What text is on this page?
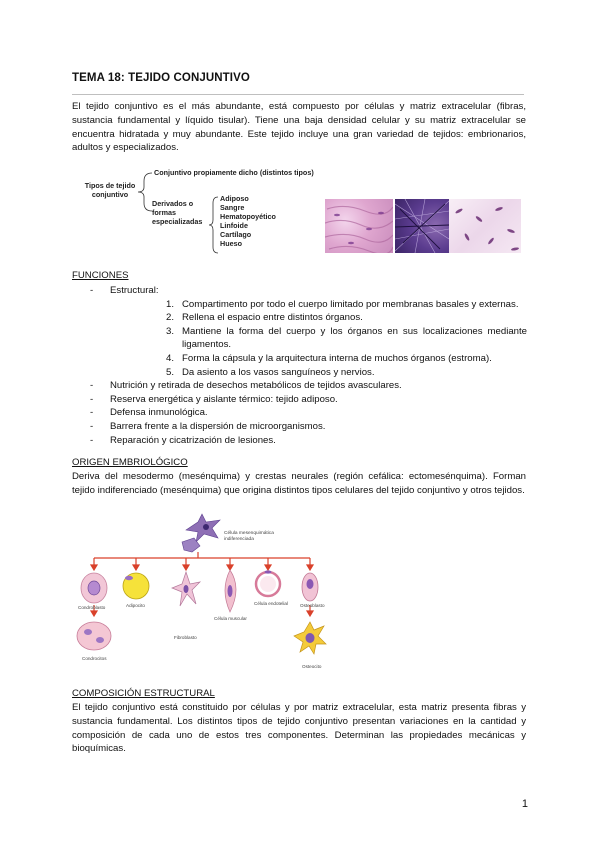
TEMA 18: TEJIDO CONJUNTIVO
El tejido conjuntivo es el más abundante, está compuesto por células y matriz extracelular (fibras, sustancia fundamental y líquido tisular). Tiene una baja densidad celular y su matriz extracelular se encuentra hidratada y muy abundante. Este tejido incluye una gran variedad de tejidos: embrionarios, adultos y especializados.
Tipos de tejido
conjuntivo
Conjuntivo propiamente dicho (distintos tipos)
Derivados o
formas
especializadas
Adiposo
Sangre
Hematopoyético
Linfoide
Cartílago
Hueso
FUNCIONES
- Estructural:
1. Compartimento por todo el cuerpo limitado por membranas basales y externas.
2. Rellena el espacio entre distintos órganos.
3. Mantiene la forma del cuerpo y los órganos en sus localizaciones mediante ligamentos.
4. Forma la cápsula y la arquitectura interna de muchos órganos (estroma).
5. Da asiento a los vasos sanguíneos y nervios.
- Nutrición y retirada de desechos metabólicos de tejidos avasculares.
- Reserva energética y aislante térmico: tejido adiposo.
- Defensa inmunológica.
- Barrera frente a la dispersión de microorganismos.
- Reparación y cicatrización de lesiones.
ORIGEN EMBRIOLÓGICO
Deriva del mesodermo (mesénquima) y crestas neurales (región cefálica: ectomesénquima). Forman tejido indiferenciado (mesénquima) que origina distintos tipos celulares del tejido conjuntivo y otros tejidos.
Célula mesenquimática
indiferenciada
Condroblasto	Adipocito
Fibroblasto
Célula muscular
Célula endotelial	Osteoblasto
Condrocitos
Osteocito
COMPOSICIÓN ESTRUCTURAL
El tejido conjuntivo está constituido por células y por matriz extracelular, esta matriz presenta fibras y sustancia fundamental. Los distintos tipos de tejido conjuntivo presentan variaciones en la cantidad y composición de cada uno de estos tres componentes. Determinan las propiedades mecánicas y bioquímicas.
1
